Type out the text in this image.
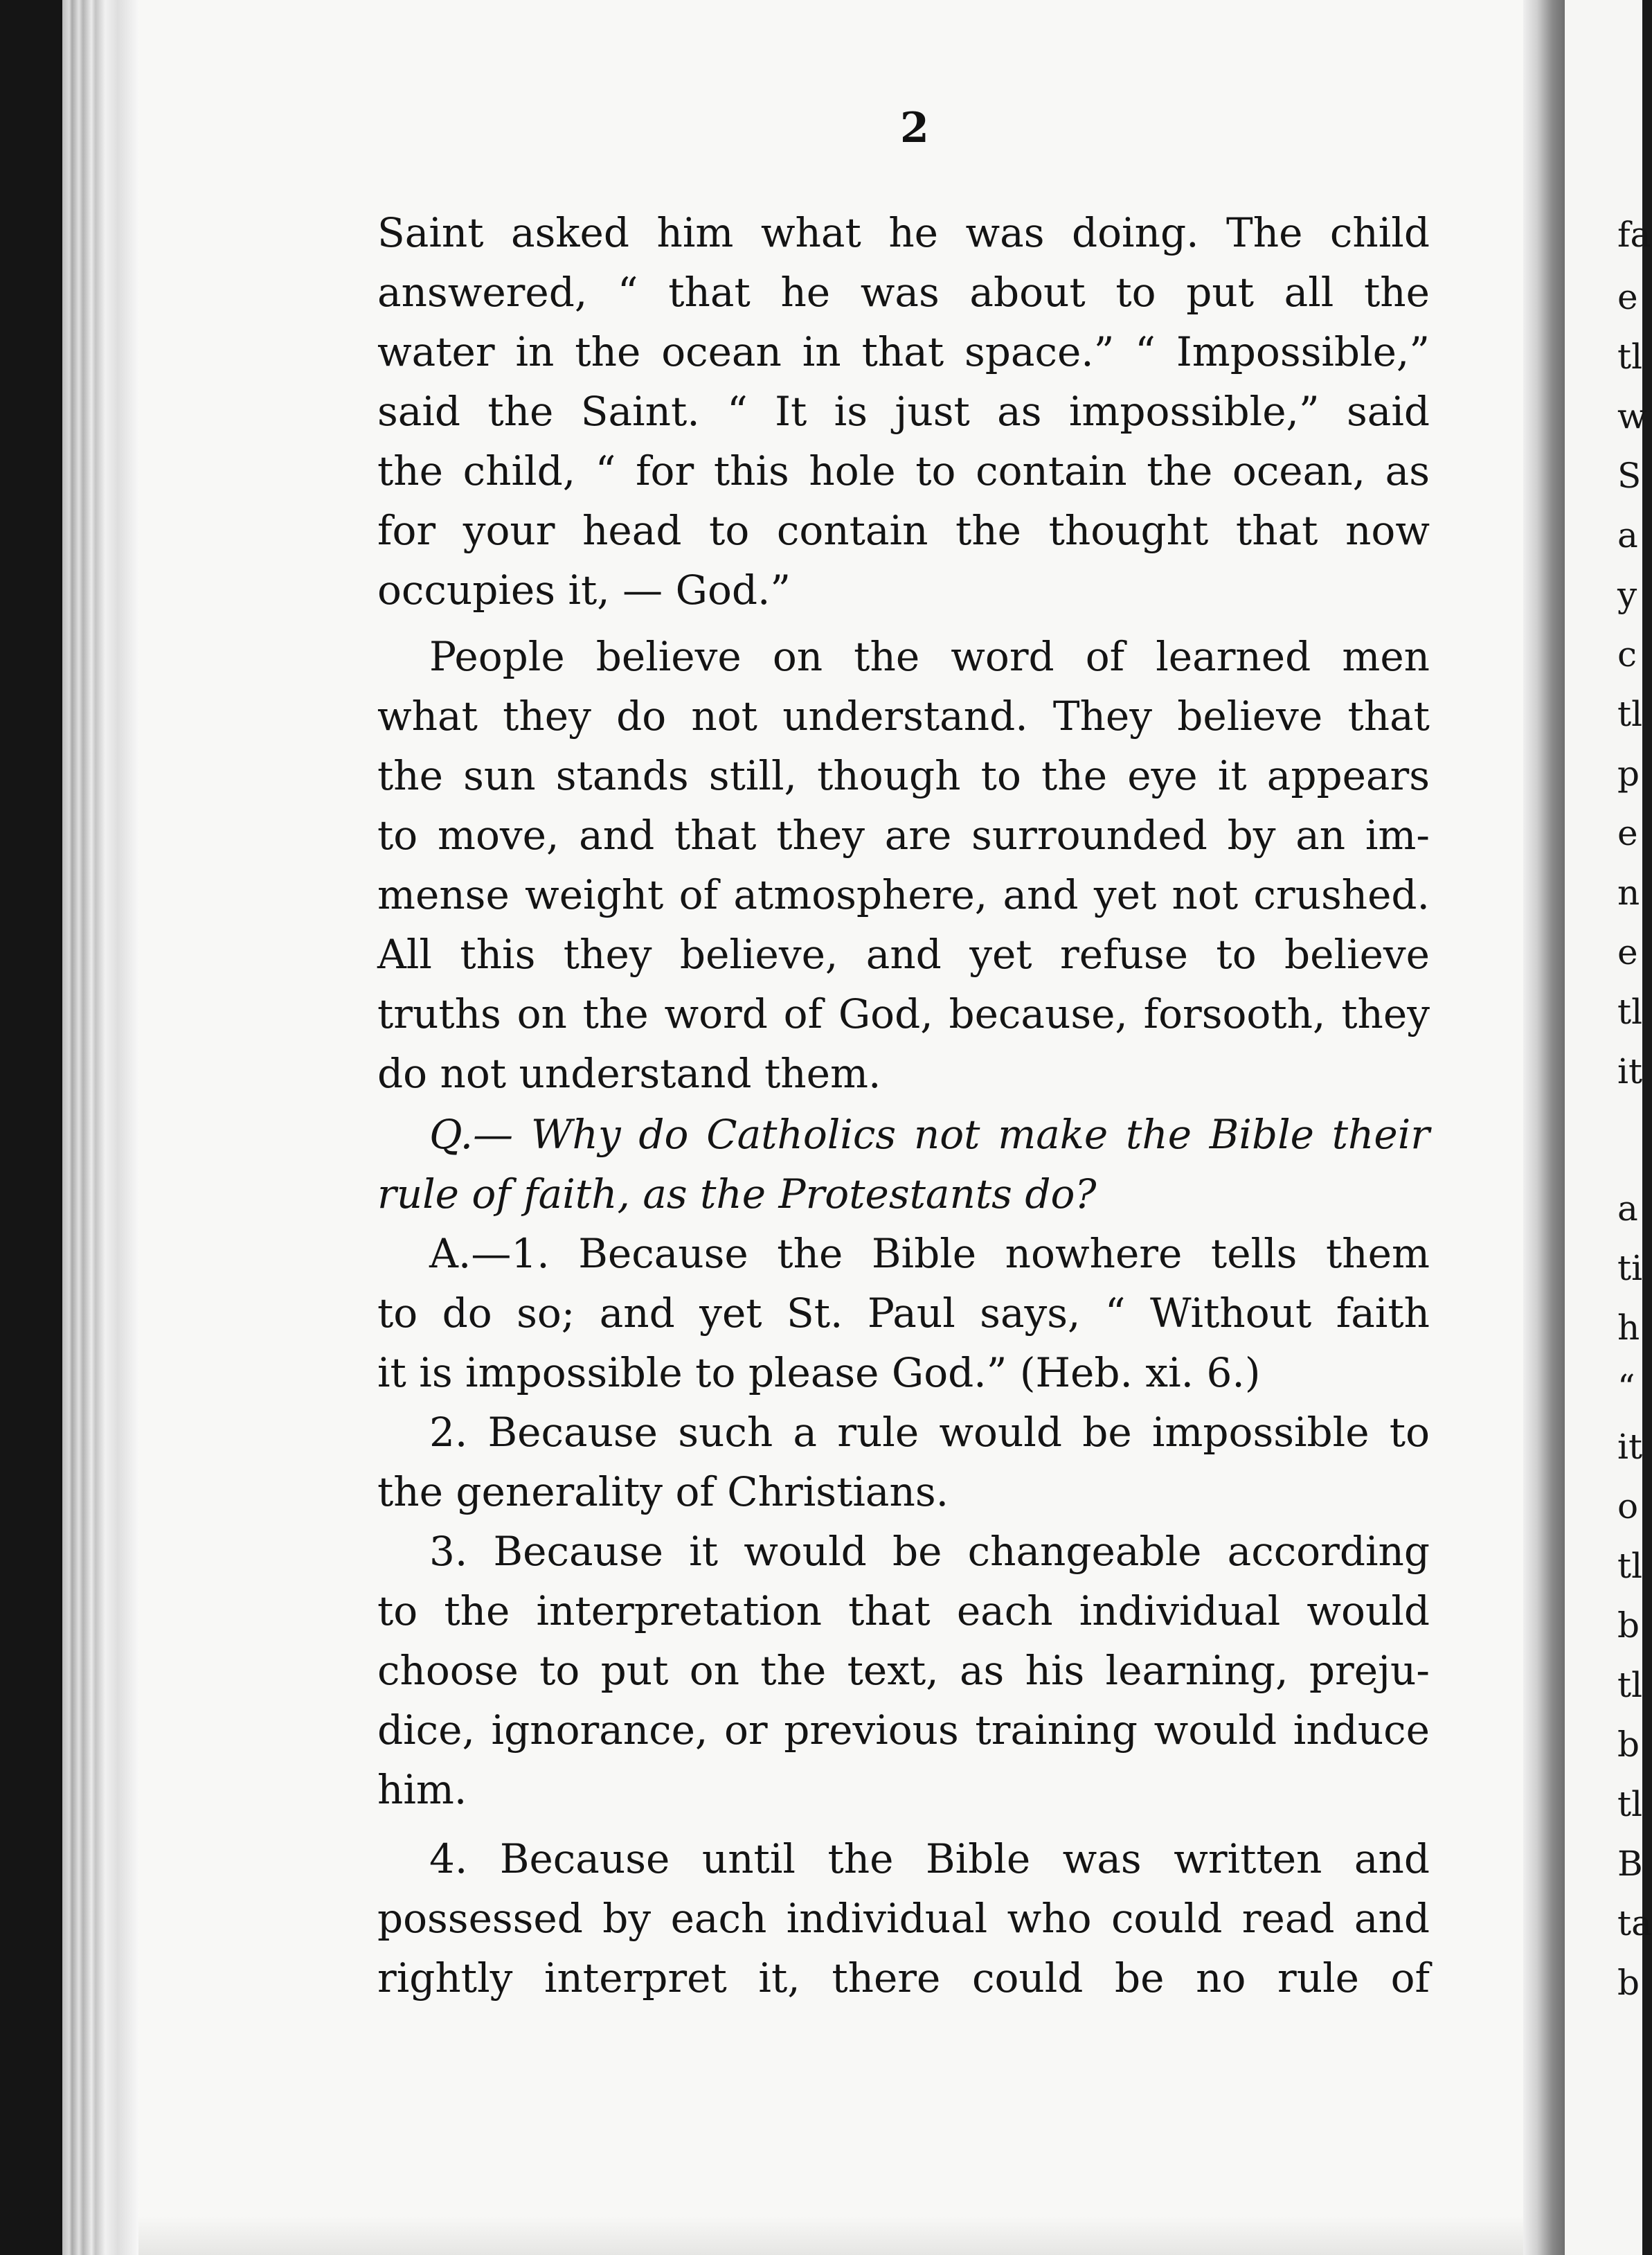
2
Saint asked him what he was doing. The child
answered, “ that he was about to put all the
water in the ocean in that space.” “ Impossible,”
said the Saint. “ It is just as impossible,” said
the child, “ for this hole to contain the ocean, as
for your head to contain the thought that now
occupies it, — God.”
People believe on the word of learned men
what they do not understand. They believe that
the sun stands still, though to the eye it appears
to move, and that they are surrounded by an im-
mense weight of atmosphere, and yet not crushed.
All this they believe, and yet refuse to believe
truths on the word of God, because, forsooth, they
do not understand them.
Q.— Why do Catholics not make the Bible their
rule of faith, as the Protestants do?
A.—1. Because the Bible nowhere tells them
to do so; and yet St. Paul says, “ Without faith
it is impossible to please God.” (Heb. xi. 6.)
2. Because such a rule would be impossible to
the generality of Christians.
3. Because it would be changeable according
to the interpretation that each individual would
choose to put on the text, as his learning, preju-
dice, ignorance, or previous training would induce
him.
4. Because until the Bible was written and
possessed by each individual who could read and
rightly interpret it, there could be no rule of
fa
e
tl
w
S
a
y
c
tl
p
e
n
e
tl
it
a
ti
h
“
it
o
tl
b
tl
b
tl
B
ta
b
